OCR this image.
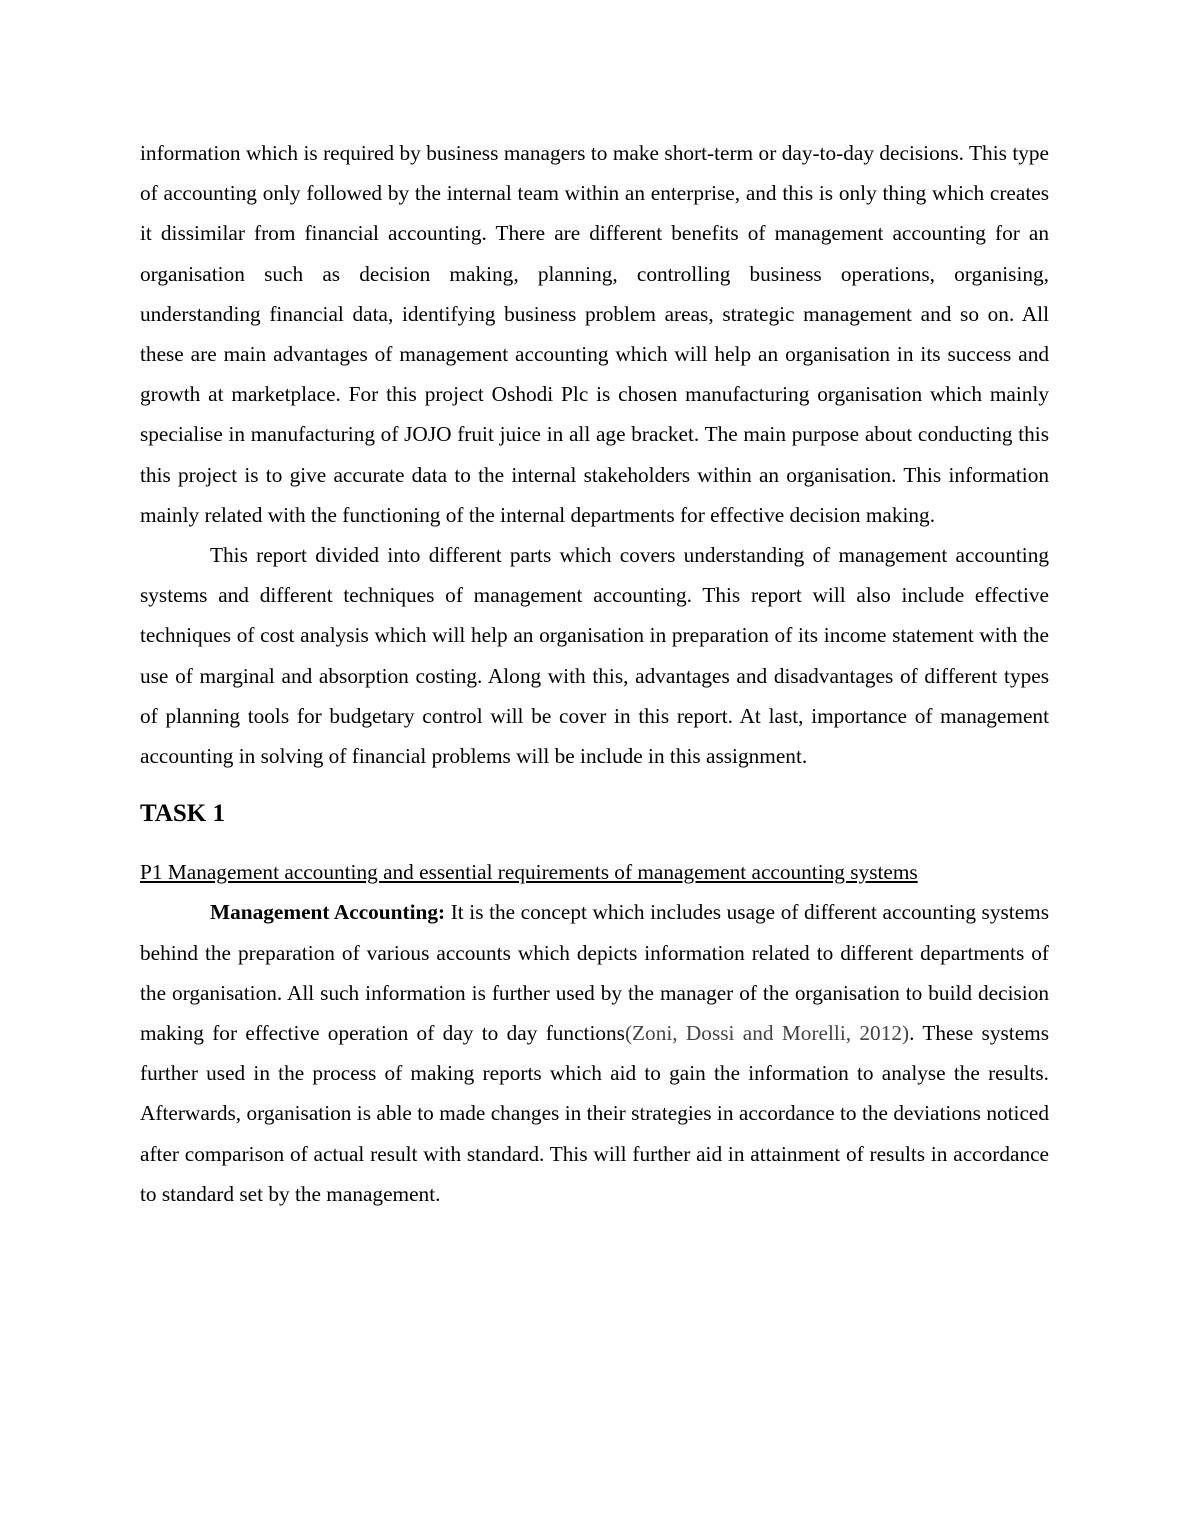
information which is required by business managers to make short-term or day-to-day decisions. This type of accounting only followed by the internal team within an enterprise, and this is only thing which creates it dissimilar from financial accounting. There are different benefits of management accounting for an organisation such as decision making, planning, controlling business operations, organising, understanding financial data, identifying business problem areas, strategic management and so on. All these are main advantages of management accounting which will help an organisation in its success and growth at marketplace. For this project Oshodi Plc is chosen manufacturing organisation which mainly specialise in manufacturing of JOJO fruit juice in all age bracket. The main purpose about conducting this this project is to give accurate data to the internal stakeholders within an organisation. This information mainly related with the functioning of the internal departments for effective decision making.

This report divided into different parts which covers understanding of management accounting systems and different techniques of management accounting. This report will also include effective techniques of cost analysis which will help an organisation in preparation of its income statement with the use of marginal and absorption costing. Along with this, advantages and disadvantages of different types of planning tools for budgetary control will be cover in this report. At last, importance of management accounting in solving of financial problems will be include in this assignment.

TASK 1

P1 Management accounting and essential requirements of management accounting systems

Management Accounting: It is the concept which includes usage of different accounting systems behind the preparation of various accounts which depicts information related to different departments of the organisation. All such information is further used by the manager of the organisation to build decision making for effective operation of day to day functions(Zoni, Dossi and Morelli, 2012). These systems further used in the process of making reports which aid to gain the information to analyse the results. Afterwards, organisation is able to made changes in their strategies in accordance to the deviations noticed after comparison of actual result with standard. This will further aid in attainment of results in accordance to standard set by the management.
